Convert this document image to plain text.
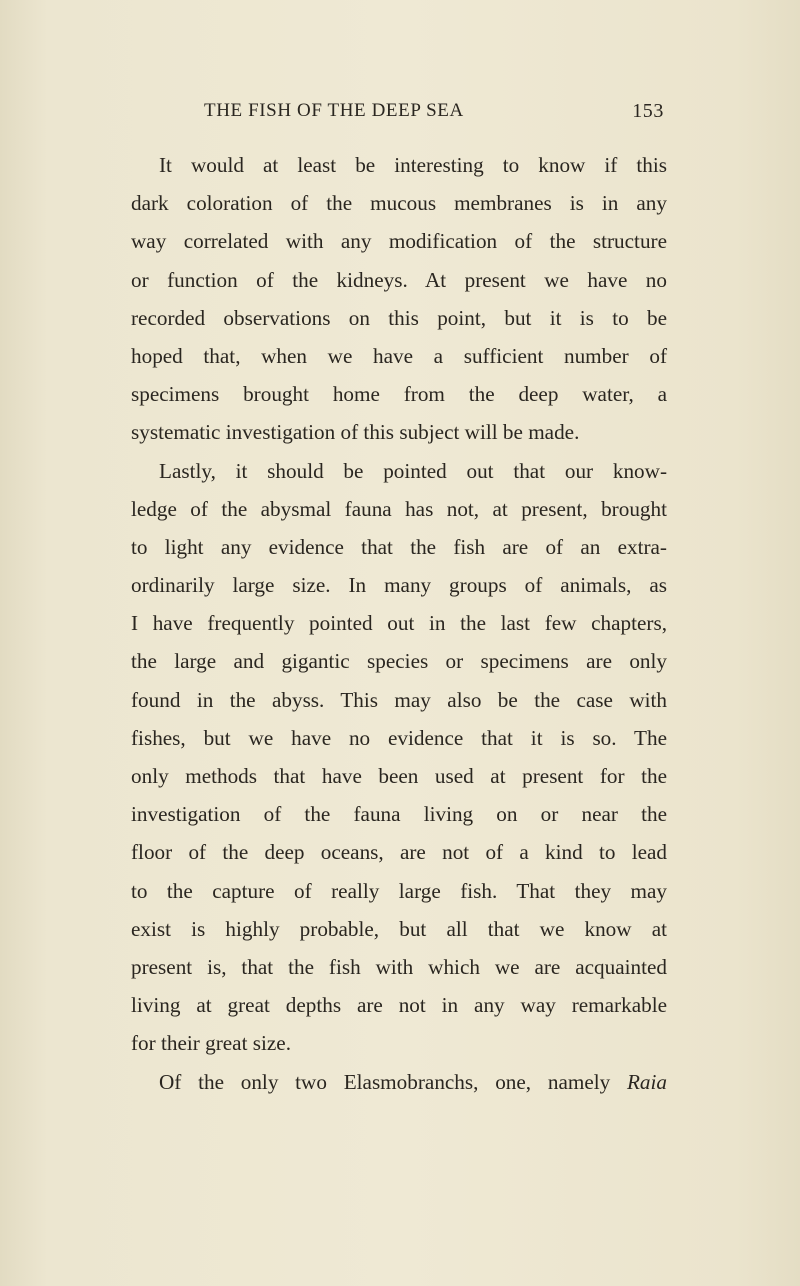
THE FISH OF THE DEEP SEA	153
It would at least be interesting to know if this
dark coloration of the mucous membranes is in any
way correlated with any modification of the structure
or function of the kidneys. At present we have no
recorded observations on this point, but it is to be
hoped that, when we have a sufficient number of
specimens brought home from the deep water, a
systematic investigation of this subject will be made.
Lastly, it should be pointed out that our know-
ledge of the abysmal fauna has not, at present, brought
to light any evidence that the fish are of an extra-
ordinarily large size. In many groups of animals, as
I have frequently pointed out in the last few chapters,
the large and gigantic species or specimens are only
found in the abyss. This may also be the case with
fishes, but we have no evidence that it is so. The
only methods that have been used at present for the
investigation of the fauna living on or near the
floor of the deep oceans, are not of a kind to lead
to the capture of really large fish. That they may
exist is highly probable, but all that we know at
present is, that the fish with which we are acquainted
living at great depths are not in any way remarkable
for their great size.
Of the only two Elasmobranchs, one, namely Raia
